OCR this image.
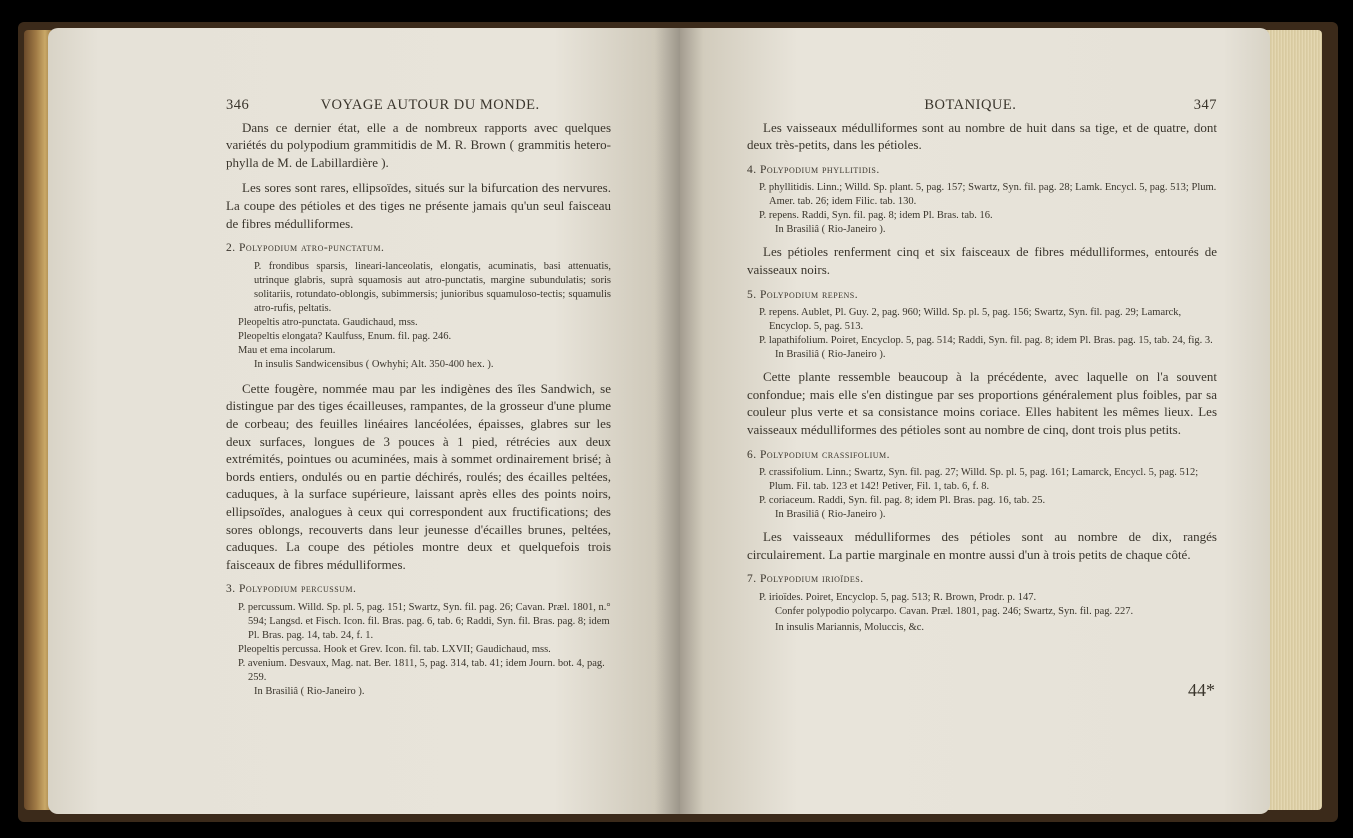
346	VOYAGE AUTOUR DU MONDE.

Dans ce dernier état, elle a de nombreux rapports avec quelques variétés du polypodium grammitidis de M. R. Brown ( grammitis hetero-phylla de M. de Labillardière ).

Les sores sont rares, ellipsoïdes, situés sur la bifurcation des nervures. La coupe des pétioles et des tiges ne présente jamais qu'un seul faisceau de fibres médulliformes.

2. Polypodium atro-punctatum.
P. frondibus sparsis, lineari-lanceolatis, elongatis, acuminatis, basi attenuatis, utrinque glabris, suprà squamosis aut atro-punctatis, margine subundulatis; soris solitariis, rotundato-oblongis, subimmersis; junioribus squamuloso-tectis; squamulis atro-rufis, peltatis.
Pleopeltis atro-punctata. Gaudichaud, mss.
Pleopeltis elongata? Kaulfuss, Enum. fil. pag. 246.
Mau et ema incolarum.
In insulis Sandwicensibus ( Owhyhi; Alt. 350-400 hex. ).

Cette fougère, nommée mau par les indigènes des îles Sandwich, se distingue par des tiges écailleuses, rampantes, de la grosseur d'une plume de corbeau; des feuilles linéaires lancéolées, épaisses, glabres sur les deux surfaces, longues de 3 pouces à 1 pied, rétrécies aux deux extrémités, pointues ou acuminées, mais à sommet ordinairement brisé; à bords entiers, ondulés ou en partie déchirés, roulés; des écailles peltées, caduques, à la surface supérieure, laissant après elles des points noirs, ellipsoïdes, analogues à ceux qui correspondent aux fructifications; des sores oblongs, recouverts dans leur jeunesse d'écailles brunes, peltées, caduques. La coupe des pétioles montre deux et quelquefois trois faisceaux de fibres médulliformes.

3. Polypodium percussum.
P. percussum. Willd. Sp. pl. 5, pag. 151; Swartz, Syn. fil. pag. 26; Cavan. Præl. 1801, n.° 594; Langsd. et Fisch. Icon. fil. Bras. pag. 6, tab. 6; Raddi, Syn. fil. Bras. pag. 8; idem Pl. Bras. pag. 14, tab. 24, f. 1.
Pleopeltis percussa. Hook et Grev. Icon. fil. tab. LXVII; Gaudichaud, mss.
P. avenium. Desvaux, Mag. nat. Ber. 1811, 5, pag. 314, tab. 41; idem Journ. bot. 4, pag. 259.
In Brasiliâ ( Rio-Janeiro ).
BOTANIQUE.	347

Les vaisseaux médulliformes sont au nombre de huit dans sa tige, et de quatre, dont deux très-petits, dans les pétioles.

4. Polypodium phyllitidis.
P. phyllitidis. Linn.; Willd. Sp. plant. 5, pag. 157; Swartz, Syn. fil. pag. 28; Lamk. Encycl. 5, pag. 513; Plum. Amer. tab. 26; idem Filic. tab. 130.
P. repens. Raddi, Syn. fil. pag. 8; idem Pl. Bras. tab. 16.
In Brasiliâ ( Rio-Janeiro ).

Les pétioles renferment cinq et six faisceaux de fibres médulliformes, entourés de vaisseaux noirs.

5. Polypodium repens.
P. repens. Aublet, Pl. Guy. 2, pag. 960; Willd. Sp. pl. 5, pag. 156; Swartz, Syn. fil. pag. 29; Lamarck, Encyclop. 5, pag. 513.
P. lapathifolium. Poiret, Encyclop. 5, pag. 514; Raddi, Syn. fil. pag. 8; idem Pl. Bras. pag. 15, tab. 24, fig. 3.
In Brasiliâ ( Rio-Janeiro ).

Cette plante ressemble beaucoup à la précédente, avec laquelle on l'a souvent confondue; mais elle s'en distingue par ses proportions généralement plus foibles, par sa couleur plus verte et sa consistance moins coriace. Elles habitent les mêmes lieux. Les vaisseaux médulliformes des pétioles sont au nombre de cinq, dont trois plus petits.

6. Polypodium crassifolium.
P. crassifolium. Linn.; Swartz, Syn. fil. pag. 27; Willd. Sp. pl. 5, pag. 161; Lamarck, Encycl. 5, pag. 512; Plum. Fil. tab. 123 et 142! Petiver, Fil. 1, tab. 6, f. 8.
P. coriaceum. Raddi, Syn. fil. pag. 8; idem Pl. Bras. pag. 16, tab. 25.
In Brasiliâ ( Rio-Janeiro ).

Les vaisseaux médulliformes des pétioles sont au nombre de dix, rangés circulairement. La partie marginale en montre aussi d'un à trois petits de chaque côté.

7. Polypodium irioïdes.
P. irioïdes. Poiret, Encyclop. 5, pag. 513; R. Brown, Prodr. p. 147.
Confer polypodio polycarpo. Cavan. Præl. 1801, pag. 246; Swartz, Syn. fil. pag. 227.
In insulis Mariannis, Moluccis, &c.
44*
